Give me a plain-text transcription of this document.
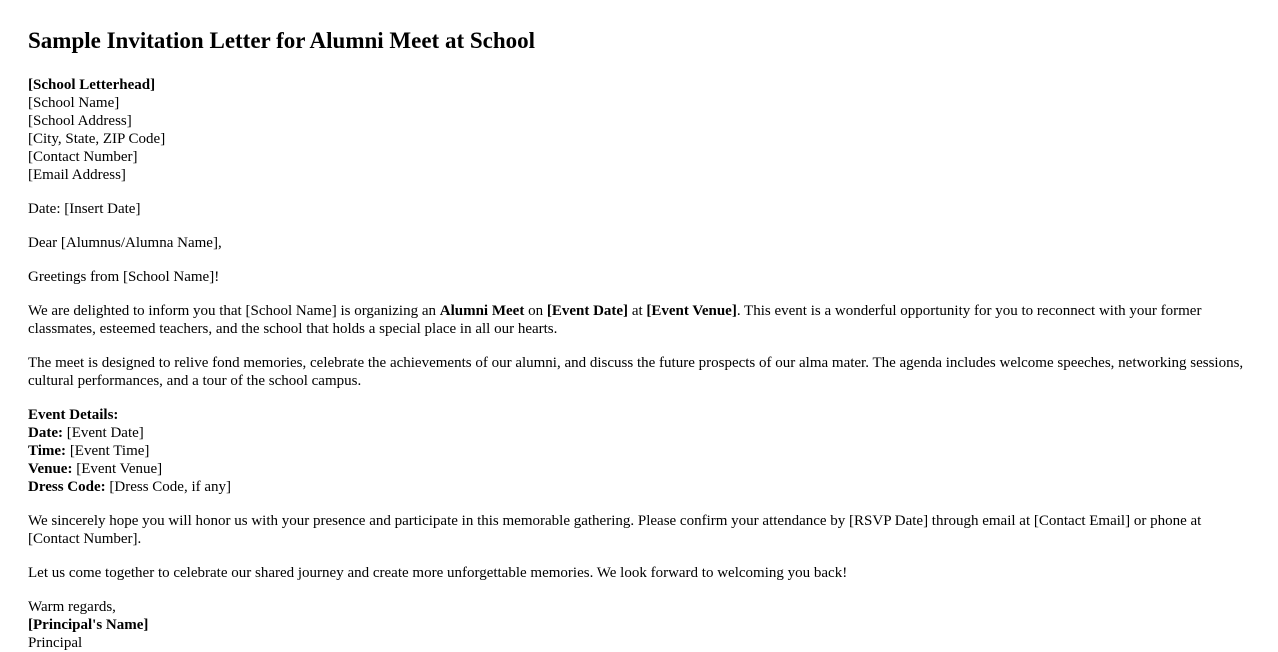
Sample Invitation Letter for Alumni Meet at School

[School Letterhead]
[School Name]
[School Address]
[City, State, ZIP Code]
[Contact Number]
[Email Address]

Date: [Insert Date]

Dear [Alumnus/Alumna Name],

Greetings from [School Name]!

We are delighted to inform you that [School Name] is organizing an Alumni Meet on [Event Date] at [Event Venue]. This event is a wonderful opportunity for you to reconnect with your former classmates, esteemed teachers, and the school that holds a special place in all our hearts.

The meet is designed to relive fond memories, celebrate the achievements of our alumni, and discuss the future prospects of our alma mater. The agenda includes welcome speeches, networking sessions, cultural performances, and a tour of the school campus.

Event Details:
Date: [Event Date]
Time: [Event Time]
Venue: [Event Venue]
Dress Code: [Dress Code, if any]

We sincerely hope you will honor us with your presence and participate in this memorable gathering. Please confirm your attendance by [RSVP Date] through email at [Contact Email] or phone at [Contact Number].

Let us come together to celebrate our shared journey and create more unforgettable memories. We look forward to welcoming you back!

Warm regards,
[Principal's Name]
Principal
